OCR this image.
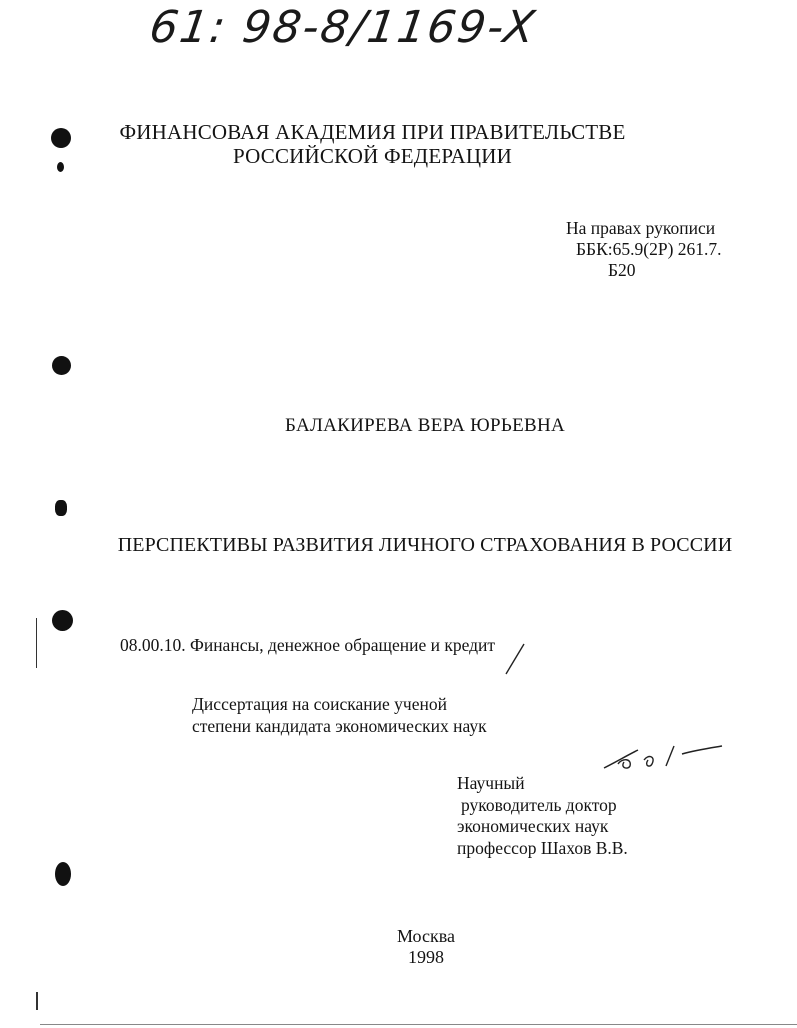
61: 98-8/1169-X
ФИНАНСОВАЯ АКАДЕМИЯ ПРИ ПРАВИТЕЛЬСТВЕ
РОССИЙСКОЙ ФЕДЕРАЦИИ
На правах рукописи
ББК:65.9(2Р) 261.7.
Б20
БАЛАКИРЕВА ВЕРА ЮРЬЕВНА
ПЕРСПЕКТИВЫ РАЗВИТИЯ ЛИЧНОГО СТРАХОВАНИЯ В РОССИИ
08.00.10. Финансы, денежное обращение и кредит
Диссертация на соискание ученой
степени кандидата экономических наук
Научный
руководитель доктор
экономических наук
профессор Шахов В.В.
Москва
1998
